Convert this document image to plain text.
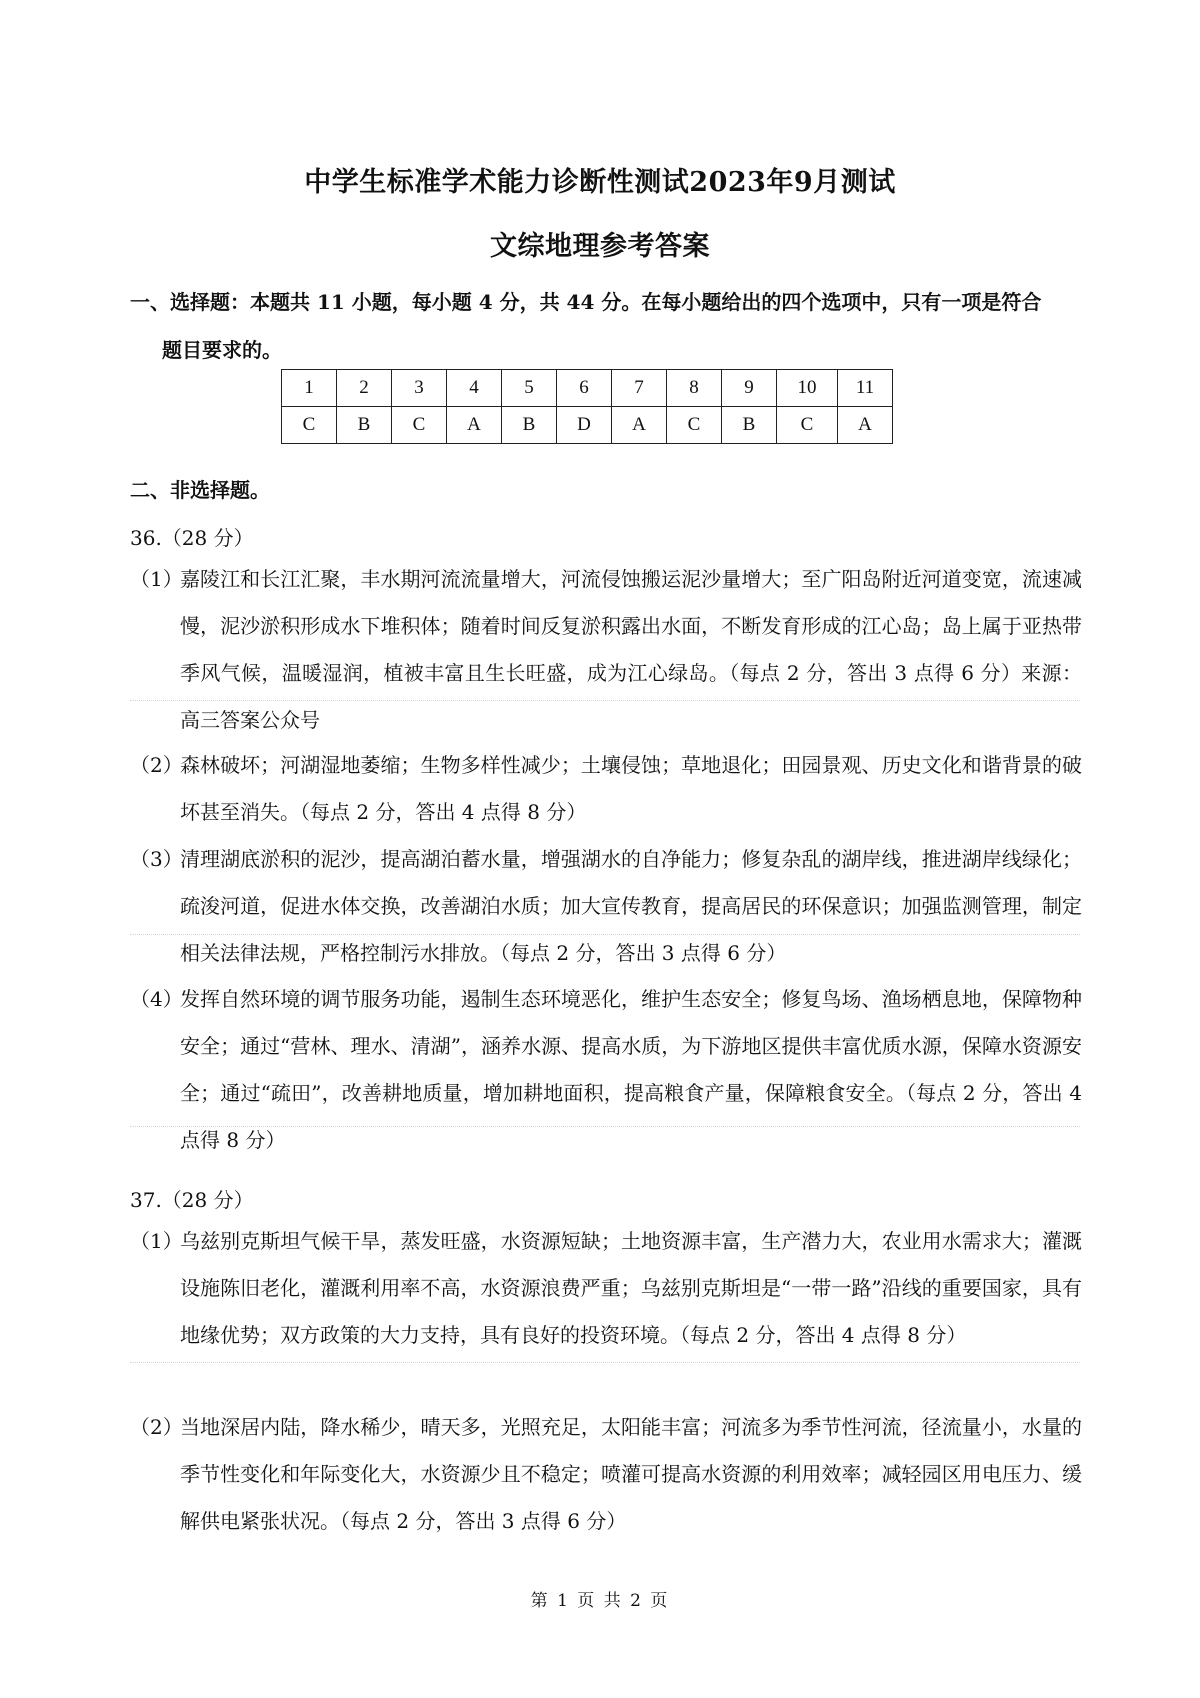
中学生标准学术能力诊断性测试2023年9月测试
文综地理参考答案
一、选择题：本题共 11 小题，每小题 4 分，共 44 分。在每小题给出的四个选项中，只有一项是符合
题目要求的。
1	2	3	4	5	6	7	8	9	10	11
C	B	C	A	B	D	A	C	B	C	A
二、非选择题。
36.（28 分）
（1）
嘉陵江和长江汇聚，丰水期河流流量增大，河流侵蚀搬运泥沙量增大；至广阳岛附近河道变宽，流速减慢，泥沙淤积形成水下堆积体；随着时间反复淤积露出水面，不断发育形成的江心岛；岛上属于亚热带季风气候，温暖湿润，植被丰富且生长旺盛，成为江心绿岛。（每点 2 分，答出 3 点得 6 分）来源：高三答案公众号
（2）
森林破坏；河湖湿地萎缩；生物多样性减少；土壤侵蚀；草地退化；田园景观、历史文化和谐背景的破坏甚至消失。（每点 2 分，答出 4 点得 8 分）
（3）
清理湖底淤积的泥沙，提高湖泊蓄水量，增强湖水的自净能力；修复杂乱的湖岸线，推进湖岸线绿化；疏浚河道，促进水体交换，改善湖泊水质；加大宣传教育，提高居民的环保意识；加强监测管理，制定相关法律法规，严格控制污水排放。（每点 2 分，答出 3 点得 6 分）
（4）
发挥自然环境的调节服务功能，遏制生态环境恶化，维护生态安全；修复鸟场、渔场栖息地，保障物种安全；通过“营林、理水、清湖”，涵养水源、提高水质，为下游地区提供丰富优质水源，保障水资源安全；通过“疏田”，改善耕地质量，增加耕地面积，提高粮食产量，保障粮食安全。（每点 2 分，答出 4 点得 8 分）
37.（28 分）
（1）
乌兹别克斯坦气候干旱，蒸发旺盛，水资源短缺；土地资源丰富，生产潜力大，农业用水需求大；灌溉设施陈旧老化，灌溉利用率不高，水资源浪费严重；乌兹别克斯坦是“一带一路”沿线的重要国家，具有地缘优势；双方政策的大力支持，具有良好的投资环境。（每点 2 分，答出 4 点得 8 分）
（2）
当地深居内陆，降水稀少，晴天多，光照充足，太阳能丰富；河流多为季节性河流，径流量小，水量的季节性变化和年际变化大，水资源少且不稳定；喷灌可提高水资源的利用效率；减轻园区用电压力、缓解供电紧张状况。（每点 2 分，答出 3 点得 6 分）
第 1 页 共 2 页
